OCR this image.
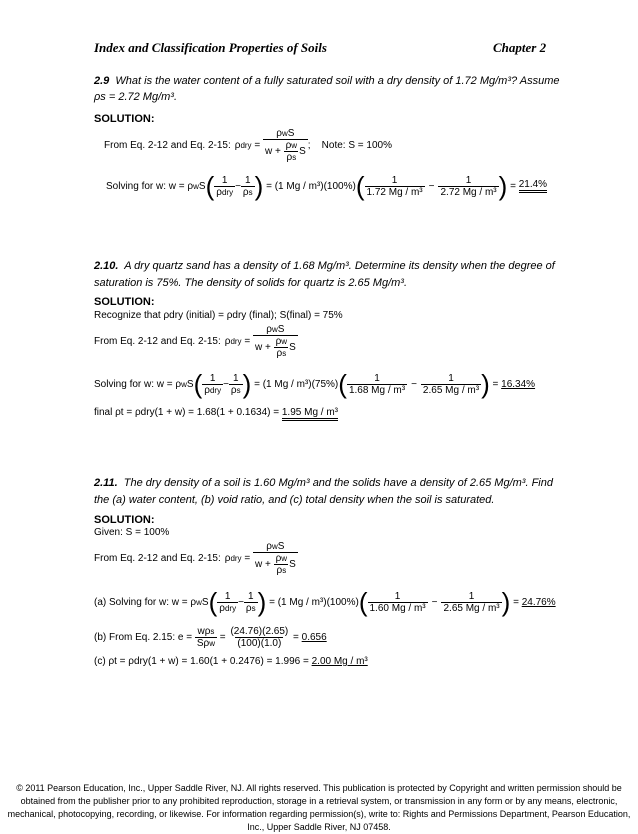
Index and Classification Properties of Soils	Chapter 2
2.9 What is the water content of a fully saturated soil with a dry density of 1.72 Mg/m³? Assume
ρs = 2.72 Mg/m³.
SOLUTION:
From Eq. 2-12 and Eq. 2-15: $\rho dry = \frac{\text{ρwS}}{w + \frac{\rho w}{\rho s} S}$ ; Note: S = 100%
Solving for w: w = ρwS ( $\frac{1}{\text{ρdry}} - \frac{1}{\rho s}$ ) = (1 Mg / m³)(100%) ( $\frac{1}{\text{1.72 Mg / m³}} - \frac{1}{\text{2.72 Mg / m³}}$ ) = 21.4%
2.10. A dry quartz sand has a density of 1.68 Mg/m³. Determine its density when the degree of
saturation is 75%. The density of solids for quartz is 2.65 Mg/m³.
SOLUTION:
Recognize that ρdry (initial) = ρdry (final); S(final) = 75%
From Eq. 2-12 and Eq. 2-15: $\rho dry = \frac{\text{ρwS}}{w + \frac{\rho w}{\rho s} S}$
Solving for w: w = ρwS ( $\frac{1}{\text{ρdry}} - \frac{1}{\rho s}$ ) = (1 Mg / m³)(75%) ( $\frac{1}{\text{1.68 Mg / m³}} - \frac{1}{\text{2.65 Mg / m³}}$ ) = 16.34%
final ρt = ρdry(1 + w) = 1.68(1 + 0.1634) = 1.95 Mg / m³
2.11. The dry density of a soil is 1.60 Mg/m³ and the solids have a density of 2.65 Mg/m³. Find
the (a) water content, (b) void ratio, and (c) total density when the soil is saturated.
SOLUTION:
Given: S = 100%
From Eq. 2-12 and Eq. 2-15: $\rho dry = \frac{\text{ρwS}}{w + \frac{\rho w}{\rho s} S}$
(a) Solving for w: w = ρwS ( $\frac{1}{\text{ρdry}} - \frac{1}{\rho s}$ ) = (1 Mg / m³)(100%) ( $\frac{1}{\text{1.60 Mg / m³}} - \frac{1}{\text{2.65 Mg / m³}}$ ) = 24.76%
(b) From Eq. 2.15: $e = \frac{\text{wρs}}{\text{Sρw}} = \frac{(24.76)(2.65)}{(100)(1.0)} = 0.656$
(c) ρt = ρdry(1 + w) = 1.60(1 + 0.2476) = 1.996 = 2.00 Mg / m³
© 2011 Pearson Education, Inc., Upper Saddle River, NJ. All rights reserved. This publication is protected by Copyright and written permission should be obtained from the publisher prior to any prohibited reproduction, storage in a retrieval system, or transmission in any form or by any means, electronic, mechanical, photocopying, recording, or likewise. For information regarding permission(s), write to: Rights and Permissions Department, Pearson Education, Inc., Upper Saddle River, NJ 07458.
